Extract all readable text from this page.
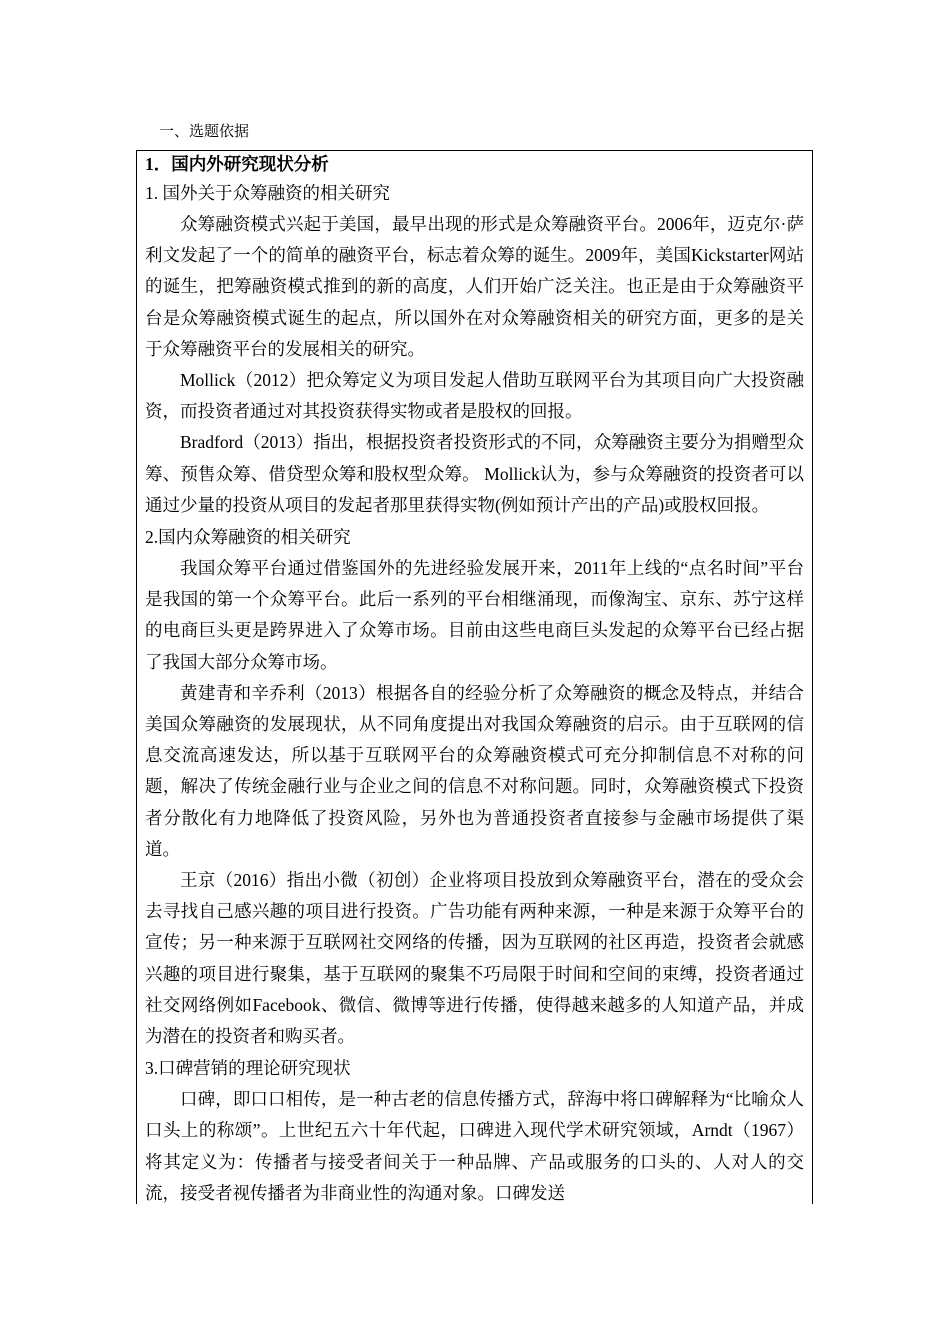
一、选题依据
1．国内外研究现状分析
1. 国外关于众筹融资的相关研究

众筹融资模式兴起于美国，最早出现的形式是众筹融资平台。2006年，迈克尔·萨利文发起了一个的简单的融资平台，标志着众筹的诞生。2009年，美国Kickstarter网站的诞生，把筹融资模式推到的新的高度，人们开始广泛关注。也正是由于众筹融资平台是众筹融资模式诞生的起点，所以国外在对众筹融资相关的研究方面，更多的是关于众筹融资平台的发展相关的研究。

Mollick（2012）把众筹定义为项目发起人借助互联网平台为其项目向广大投资融资，而投资者通过对其投资获得实物或者是股权的回报。

Bradford（2013）指出，根据投资者投资形式的不同，众筹融资主要分为捐赠型众筹、预售众筹、借贷型众筹和股权型众筹。 Mollick认为，参与众筹融资的投资者可以通过少量的投资从项目的发起者那里获得实物(例如预计产出的产品)或股权回报。

2.国内众筹融资的相关研究

我国众筹平台通过借鉴国外的先进经验发展开来，2011年上线的“点名时间”平台是我国的第一个众筹平台。此后一系列的平台相继涌现，而像淘宝、京东、苏宁这样的电商巨头更是跨界进入了众筹市场。目前由这些电商巨头发起的众筹平台已经占据了我国大部分众筹市场。

黄建青和辛乔利（2013）根据各自的经验分析了众筹融资的概念及特点，并结合美国众筹融资的发展现状，从不同角度提出对我国众筹融资的启示。由于互联网的信息交流高速发达，所以基于互联网平台的众筹融资模式可充分抑制信息不对称的问题，解决了传统金融行业与企业之间的信息不对称问题。同时，众筹融资模式下投资者分散化有力地降低了投资风险，另外也为普通投资者直接参与金融市场提供了渠道。

王京（2016）指出小微（初创）企业将项目投放到众筹融资平台，潜在的受众会去寻找自己感兴趣的项目进行投资。广告功能有两种来源，一种是来源于众筹平台的宣传；另一种来源于互联网社交网络的传播，因为互联网的社区再造，投资者会就感兴趣的项目进行聚集，基于互联网的聚集不巧局限于时间和空间的束缚，投资者通过社交网络例如Facebook、微信、微博等进行传播，使得越来越多的人知道产品，并成为潜在的投资者和购买者。

3.口碑营销的理论研究现状

口碑，即口口相传，是一种古老的信息传播方式，辞海中将口碑解释为“比喻众人口头上的称颂”。上世纪五六十年代起，口碑进入现代学术研究领域，Arndt（1967）将其定义为：传播者与接受者间关于一种品牌、产品或服务的口头的、人对人的交流，接受者视传播者为非商业性的沟通对象。口碑发送
